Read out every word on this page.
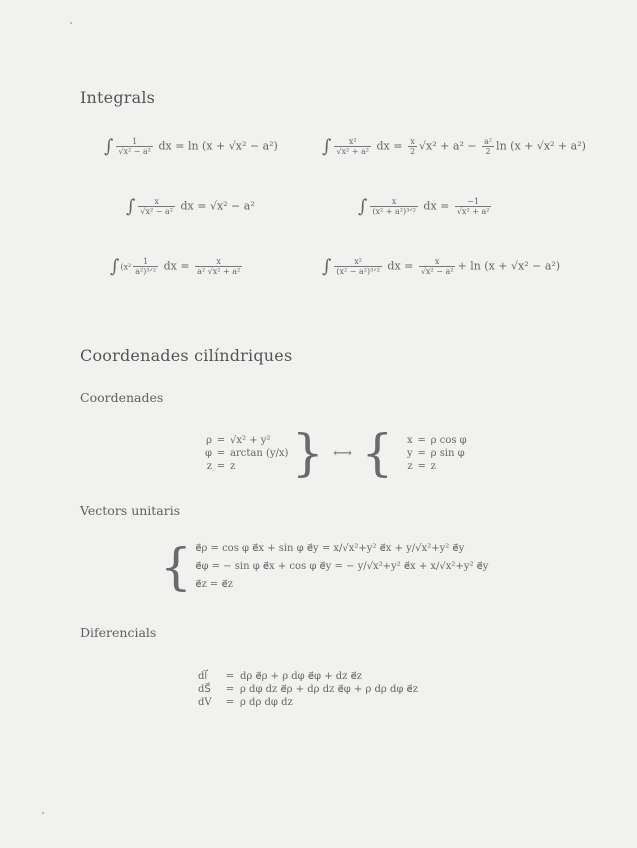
Integrals
∫ $\frac{1}{\text{√x² − a²}}$ dx = ln (x + √x² − a²) ∫ $\frac{\text{x²}}{\text{√x² + a²}}$ dx = $\frac{x}{2} √x^2 + a^2 - \frac{\text{a²}}{2}$ ln (x + √x² + a²)
∫ $\frac{x}{\text{√x² − a²}}$ dx = √x² − a²	∫ $\frac{x}{\text{(x² + a²)³ᐟ²}}$ dx = $\frac{-1}{\text{√x² + a²}}$
$\int(x^2 \frac{1}{\text{a²)³ᐟ²}}$ dx = $\frac{x}{\text{a² √x² + a²}}$	∫ $\frac{\text{x²}}{\text{(x² − a²)³ᐟ²}}$ dx = $\frac{x}{\text{√x² − a²}} + \ln (x + √x^2 - a^2)$
Coordenades cilíndriques
Coordenades
ρ = √x² + y²
φ = arctan (y/x)
z = z	} ⟷ {	x = ρ cos φ
y = ρ sin φ
z = z
Vectors unitaris
{ e⃗ρ = cos φ e⃗x + sin φ e⃗y = x/√x²+y² e⃗x + y/√x²+y² e⃗y
e⃗φ = − sin φ e⃗x + cos φ e⃗y = − y/√x²+y² e⃗x + x/√x²+y² e⃗y
e⃗z = e⃗z
Diferencials
dl⃗ = dρ e⃗ρ + ρ dφ e⃗φ + dz e⃗z
dS⃗ = ρ dφ dz e⃗ρ + dρ dz e⃗φ + ρ dρ dφ e⃗z
dV = ρ dρ dφ dz
